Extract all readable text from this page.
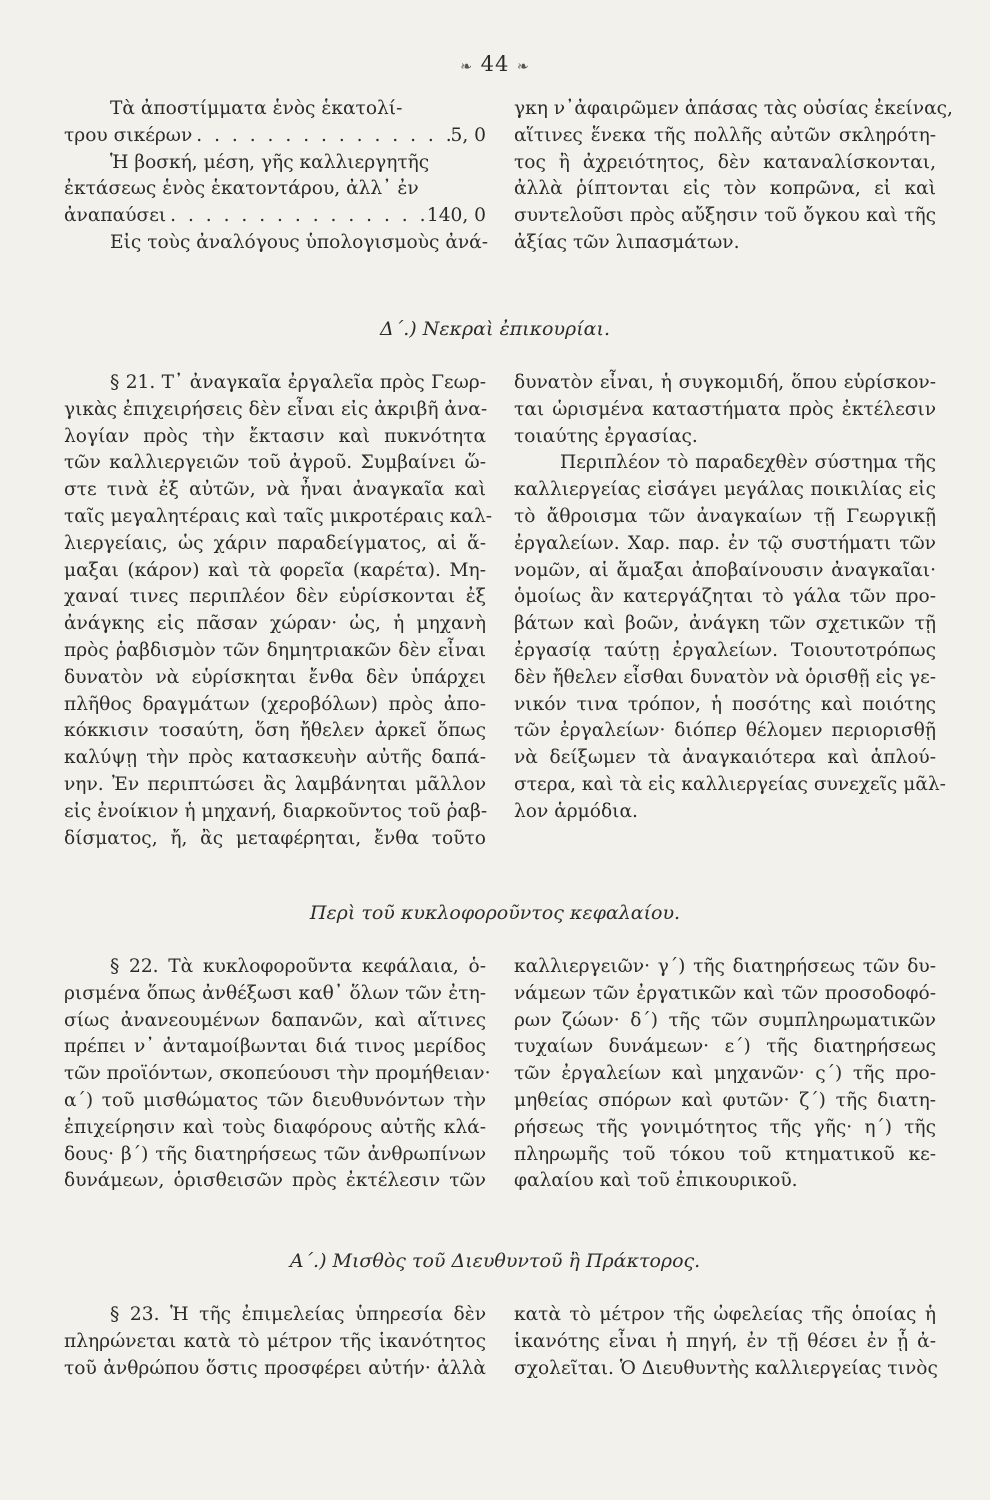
❧ 44 ❧

Τὰ ἀποστίμματα ἑνὸς ἑκατολί-

τρου σικέρων . . .	5, 0

Ἡ βοσκή, μέση, γῆς καλλιεργητῆς

ἐκτάσεως ἑνὸς ἑκατοντάρου, ἀλλ᾽ ἐν

ἀναπαύσει . . .	140, 0

Εἰς τοὺς ἀναλόγους ὑπολογισμοὺς ἀνά-

γκη ν᾽ἀφαιρῶμεν ἁπάσας τὰς οὐσίας ἐκείνας,

αἵτινες ἕνεκα τῆς πολλῆς αὐτῶν σκληρότη-

τος ἢ ἀχρειότητος, δὲν καταναλίσκονται,

ἀλλὰ ῥίπτονται εἰς τὸν κοπρῶνα, εἰ καὶ

συντελοῦσι πρὸς αὔξησιν τοῦ ὄγκου καὶ τῆς

ἀξίας τῶν λιπασμάτων.

Δ΄.) Νεκραὶ ἐπικουρίαι.

§ 21. Τ᾽ ἀναγκαῖα ἐργαλεῖα πρὸς Γεωρ-

γικὰς ἐπιχειρήσεις δὲν εἶναι εἰς ἀκριβῆ ἀνα-

λογίαν πρὸς τὴν ἔκτασιν καὶ πυκνότητα

τῶν καλλιεργειῶν τοῦ ἀγροῦ. Συμβαίνει ὥ-

στε τινὰ ἐξ αὐτῶν, νὰ ἦναι ἀναγκαῖα καὶ

ταῖς μεγαλητέραις καὶ ταῖς μικροτέραις καλ-

λιεργείαις, ὡς χάριν παραδείγματος, αἱ ἅ-

μαξαι (κάρον) καὶ τὰ φορεῖα (καρέτα). Μη-

χαναί τινες περιπλέον δὲν εὑρίσκονται ἐξ

ἀνάγκης εἰς πᾶσαν χώραν· ὡς, ἡ μηχανὴ

πρὸς ῥαβδισμὸν τῶν δημητριακῶν δὲν εἶναι

δυνατὸν νὰ εὑρίσκηται ἔνθα δὲν ὑπάρχει

πλῆθος δραγμάτων (χεροβόλων) πρὸς ἀπο-

κόκκισιν τοσαύτη, ὅση ἤθελεν ἀρκεῖ ὅπως

καλύψῃ τὴν πρὸς κατασκευὴν αὐτῆς δαπά-

νην. Ἐν περιπτώσει ἂς λαμβάνηται μᾶλλον

εἰς ἐνοίκιον ἡ μηχανή, διαρκοῦντος τοῦ ῥαβ-

δίσματος, ἤ, ἂς μεταφέρηται, ἔνθα τοῦτο

δυνατὸν εἶναι, ἡ συγκομιδή, ὅπου εὑρίσκον-

ται ὡρισμένα καταστήματα πρὸς ἐκτέλεσιν

τοιαύτης ἐργασίας.

Περιπλέον τὸ παραδεχθὲν σύστημα τῆς

καλλιεργείας εἰσάγει μεγάλας ποικιλίας εἰς

τὸ ἄθροισμα τῶν ἀναγκαίων τῇ Γεωργικῇ

ἐργαλείων. Χαρ. παρ. ἐν τῷ συστήματι τῶν

νομῶν, αἱ ἅμαξαι ἀποβαίνουσιν ἀναγκαῖαι·

ὁμοίως ἂν κατεργάζηται τὸ γάλα τῶν προ-

βάτων καὶ βοῶν, ἀνάγκη τῶν σχετικῶν τῇ

ἐργασίᾳ ταύτῃ ἐργαλείων. Τοιουτοτρόπως

δὲν ἤθελεν εἶσθαι δυνατὸν νὰ ὁρισθῇ εἰς γε-

νικόν τινα τρόπον, ἡ ποσότης καὶ ποιότης

τῶν ἐργαλείων· διόπερ θέλομεν περιορισθῇ

νὰ δείξωμεν τὰ ἀναγκαιότερα καὶ ἁπλού-

στερα, καὶ τὰ εἰς καλλιεργείας συνεχεῖς μᾶλ-

λον ἁρμόδια.

Περὶ τοῦ κυκλοφοροῦντος κεφαλαίου.

§ 22. Τὰ κυκλοφοροῦντα κεφάλαια, ὁ-

ρισμένα ὅπως ἀνθέξωσι καθ᾽ ὅλων τῶν ἐτη-

σίως ἀνανεουμένων δαπανῶν, καὶ αἵτινες

πρέπει ν᾽ ἀνταμοίβωνται διά τινος μερίδος

τῶν προϊόντων, σκοπεύουσι τὴν προμήθειαν·

α΄) τοῦ μισθώματος τῶν διευθυνόντων τὴν

ἐπιχείρησιν καὶ τοὺς διαφόρους αὐτῆς κλά-

δους· β΄) τῆς διατηρήσεως τῶν ἀνθρωπίνων

δυνάμεων, ὁρισθεισῶν πρὸς ἐκτέλεσιν τῶν

καλλιεργειῶν· γ΄) τῆς διατηρήσεως τῶν δυ-

νάμεων τῶν ἐργατικῶν καὶ τῶν προσοδοφό-

ρων ζώων· δ΄) τῆς τῶν συμπληρωματικῶν

τυχαίων δυνάμεων· ε΄) τῆς διατηρήσεως

τῶν ἐργαλείων καὶ μηχανῶν· ς΄) τῆς προ-

μηθείας σπόρων καὶ φυτῶν· ζ΄) τῆς διατη-

ρήσεως τῆς γονιμότητος τῆς γῆς· η΄) τῆς

πληρωμῆς τοῦ τόκου τοῦ κτηματικοῦ κε-

φαλαίου καὶ τοῦ ἐπικουρικοῦ.

Α΄.) Μισθὸς τοῦ Διευθυντοῦ ἢ Πράκτορος.

§ 23. Ἡ τῆς ἐπιμελείας ὑπηρεσία δὲν

πληρώνεται κατὰ τὸ μέτρον τῆς ἱκανότητος

τοῦ ἀνθρώπου ὅστις προσφέρει αὐτήν· ἀλλὰ

κατὰ τὸ μέτρον τῆς ὠφελείας τῆς ὁποίας ἡ

ἱκανότης εἶναι ἡ πηγή, ἐν τῇ θέσει ἐν ᾗ ἀ-

σχολεῖται. Ὁ Διευθυντὴς καλλιεργείας τινὸς
